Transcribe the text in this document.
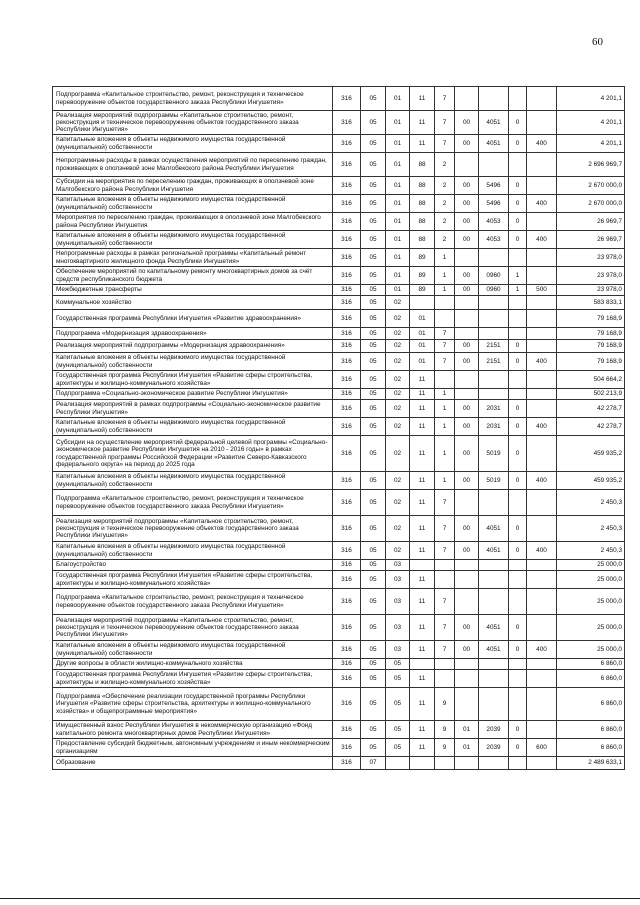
60
Подпрограмма «Капитальное строительство, ремонт, реконструкция и техническое перевооружение объектов государственного заказа Республики Ингушетия»	316	05	01	11	7					4 201,1
Реализация мероприятий подпрограммы «Капитальное строительство, ремонт, реконструкция и техническое перевооружение объектов государственного заказа Республики Ингушетия»	316	05	01	11	7	00	4051	0		4 201,1
Капитальные вложения в объекты недвижимого имущества государственной (муниципальной) собственности	316	05	01	11	7	00	4051	0	400	4 201,1
Непрограммные расходы в рамках осуществления мероприятий по переселению граждан, проживающих в оползневой зоне Малгобекского района Республики Ингушетия	316	05	01	88	2					2 696 969,7
Субсидии на мероприятия по переселению граждан, проживающих в оползневой зоне Малгобекского района Республики Ингушетия	316	05	01	88	2	00	5496	0		2 670 000,0
Капитальные вложения в объекты недвижимого имущества государственной (муниципальной) собственности	316	05	01	88	2	00	5496	0	400	2 670 000,0
Мероприятия по переселению граждан, проживающих в оползневой зоне Малгобекского района Республики Ингушетия	316	05	01	88	2	00	4053	0		26 969,7
Капитальные вложения в объекты недвижимого имущества государственной (муниципальной) собственности	316	05	01	88	2	00	4053	0	400	26 969,7
Непрограммные расходы в рамках региональной программы «Капитальный ремонт многоквартирного жилищного фонда Республики Ингушетия»	316	05	01	89	1					23 978,0
Обеспечение мероприятий по капитальному ремонту многоквартирных домов за счёт средств республиканского бюджета	316	05	01	89	1	00	0960	1		23 978,0
Межбюджетные трансферты	316	05	01	89	1	00	0960	1	500	23 978,0
Коммунальное хозяйство	316	05	02							583 833,1
Государственная программа Республики Ингушетия «Развитие здравоохранения»	316	05	02	01						79 168,9
Подпрограмма «Модернизация здравоохранения»	316	05	02	01	7					79 168,9
Реализация мероприятий подпрограммы «Модернизация здравоохранения»	316	05	02	01	7	00	2151	0		79 168,9
Капитальные вложения в объекты недвижимого имущества государственной (муниципальной) собственности	316	05	02	01	7	00	2151	0	400	79 168,9
Государственная программа Республики Ингушетия «Развитие сферы строительства, архитектуры и жилищно-коммунального хозяйства»	316	05	02	11						504 664,2
Подпрограмма «Социально-экономическое развитие Республики Ингушетия»	316	05	02	11	1					502 213,9
Реализация мероприятий в рамках подпрограммы «Социально-экономическое развитие Республики Ингушетия»	316	05	02	11	1	00	2031	0		42 278,7
Капитальные вложения в объекты недвижимого имущества государственной (муниципальной) собственности	316	05	02	11	1	00	2031	0	400	42 278,7
Субсидии на осуществление мероприятий федеральной целевой программы «Социально-экономическое развитие Республики Ингушетия на 2010 - 2016 годы» в рамках государственной программы Российской Федерации «Развитие Северо-Кавказского федерального округа» на период до 2025 года	316	05	02	11	1	00	5019	0		459 935,2
Капитальные вложения в объекты недвижимого имущества государственной (муниципальной) собственности	316	05	02	11	1	00	5019	0	400	459 935,2
Подпрограмма «Капитальное строительство, ремонт, реконструкция и техническое перевооружение объектов государственного заказа Республики Ингушетия»	316	05	02	11	7					2 450,3
Реализация мероприятий подпрограммы «Капитальное строительство, ремонт, реконструкция и техническое перевооружение объектов государственного заказа Республики Ингушетия»	316	05	02	11	7	00	4051	0		2 450,3
Капитальные вложения в объекты недвижимого имущества государственной (муниципальной) собственности	316	05	02	11	7	00	4051	0	400	2 450,3
Благоустройство	316	05	03							25 000,0
Государственная программа Республики Ингушетия «Развитие сферы строительства, архитектуры и жилищно-коммунального хозяйства»	316	05	03	11						25 000,0
Подпрограмма «Капитальное строительство, ремонт, реконструкция и техническое перевооружение объектов государственного заказа Республики Ингушетия»	316	05	03	11	7					25 000,0
Реализация мероприятий подпрограммы «Капитальное строительство, ремонт, реконструкция и техническое перевооружение объектов государственного заказа Республики Ингушетия»	316	05	03	11	7	00	4051	0		25 000,0
Капитальные вложения в объекты недвижимого имущества государственной (муниципальной) собственности	316	05	03	11	7	00	4051	0	400	25 000,0
Другие вопросы в области жилищно-коммунального хозяйства	316	05	05							6 860,0
Государственная программа Республики Ингушетия «Развитие сферы строительства, архитектуры и жилищно-коммунального хозяйства»	316	05	05	11						6 860,0
Подпрограмма «Обеспечение реализации государственной программы Республики Ингушетия «Развитие сферы строительства, архитектуры и жилищно-коммунального хозяйства» и общепрограммные мероприятия»	316	05	05	11	9					6 860,0
Имущественный взнос Республики Ингушетия в некоммерческую организацию «Фонд капитального ремонта многоквартирных домов Республики Ингушетия»	316	05	05	11	9	01	2039	0		6 860,0
Предоставление субсидий бюджетным, автономным учреждениям и иным некоммерческим организациям	316	05	05	11	9	01	2039	0	600	6 860,0
Образование	316	07								2 489 633,1
